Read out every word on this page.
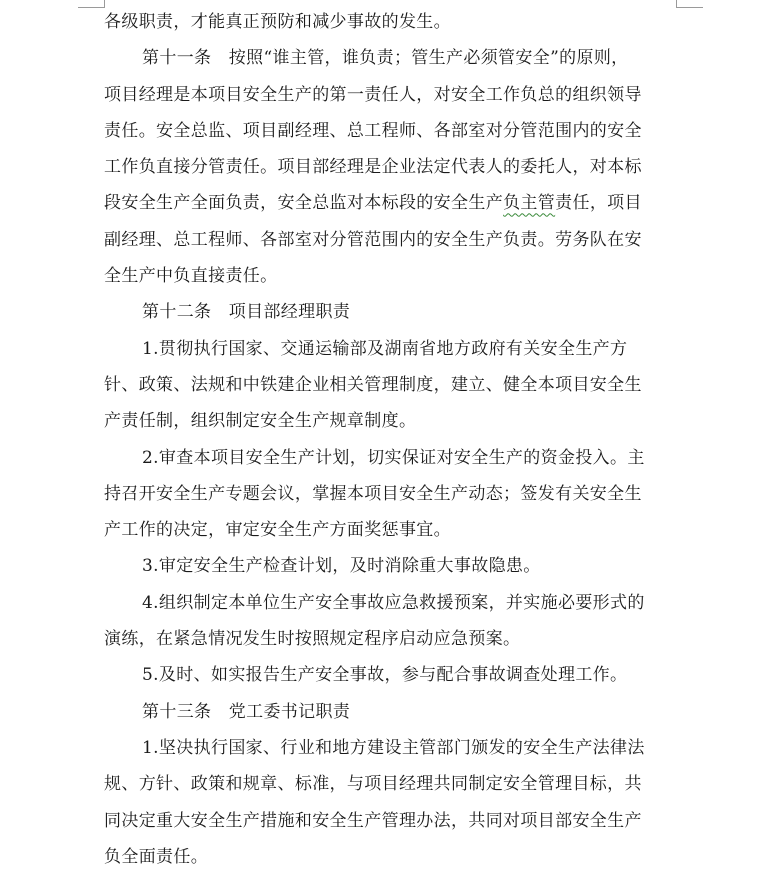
各级职责，才能真正预防和减少事故的发生。
第十一条　按照“谁主管，谁负责；管生产必须管安全”的原则，
项目经理是本项目安全生产的第一责任人，对安全工作负总的组织领导
责任。安全总监、项目副经理、总工程师、各部室对分管范围内的安全
工作负直接分管责任。项目部经理是企业法定代表人的委托人，对本标
段安全生产全面负责，安全总监对本标段的安全生产负主管责任，项目
副经理、总工程师、各部室对分管范围内的安全生产负责。劳务队在安
全生产中负直接责任。
第十二条　项目部经理职责
1.贯彻执行国家、交通运输部及湖南省地方政府有关安全生产方
针、政策、法规和中铁建企业相关管理制度，建立、健全本项目安全生
产责任制，组织制定安全生产规章制度。
2.审查本项目安全生产计划，切实保证对安全生产的资金投入。主
持召开安全生产专题会议，掌握本项目安全生产动态；签发有关安全生
产工作的决定，审定安全生产方面奖惩事宜。
3.审定安全生产检查计划，及时消除重大事故隐患。
4.组织制定本单位生产安全事故应急救援预案，并实施必要形式的
演练，在紧急情况发生时按照规定程序启动应急预案。
5.及时、如实报告生产安全事故，参与配合事故调查处理工作。
第十三条　党工委书记职责
1.坚决执行国家、行业和地方建设主管部门颁发的安全生产法律法
规、方针、政策和规章、标准，与项目经理共同制定安全管理目标，共
同决定重大安全生产措施和安全生产管理办法，共同对项目部安全生产
负全面责任。
